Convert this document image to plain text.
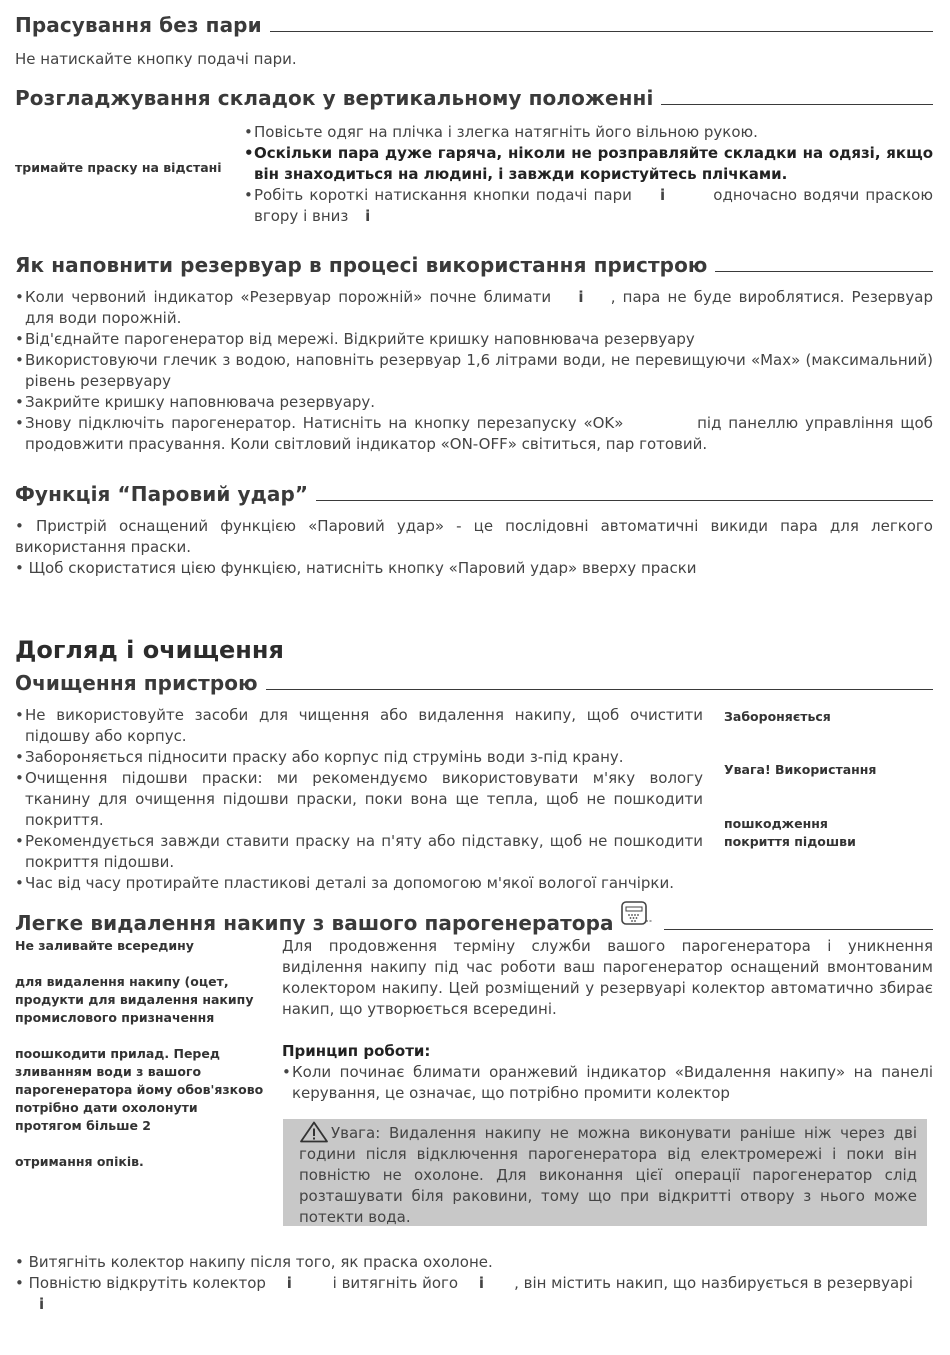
Прасування без пари
Не натискайте кнопку подачі пари.
Розгладжування складок у вертикальному положенні
тримайте праску на відстані
• Повісьте одяг на плічка і злегка натягніть його вільною рукою.
• Оскільки пара дуже гаряча, ніколи не розправляйте складки на одязі, якщо він знаходиться на людині, і завжди користуйтесь плічками.
• Робіть короткі натискання кнопки подачі пари i	одночасно водячи праскою вгору і вниз i
Як наповнити резервуар в процесі використання пристрою
• Коли червоний індикатор «Резервуар порожній» почне блимати i , пара не буде вироблятися. Резервуар для води порожній.
• Від'єднайте парогенератор від мережі. Відкрийте кришку наповнювача резервуару
• Використовуючи глечик з водою, наповніть резервуар 1,6 літрами води, не перевищуючи «Max» (максимальний) рівень резервуару
• Закрийте кришку наповнювача резервуару.
• Знову підключіть парогенератор. Натисніть на кнопку перезапуску «OK»	під панеллю управління щоб продовжити прасування. Коли світловий індикатор «ON-OFF» світиться, пар готовий.
Функція “Паровий удар”
• Пристрій оснащений функцією «Паровий удар» - це послідовні автоматичні викиди пара для легкого використання праски.
• Щоб скористатися цією функцією, натисніть кнопку «Паровий удар» вверху праски
Догляд і очищення
Очищення пристрою
• Не використовуйте засоби для чищення або видалення накипу, щоб очистити підошву або корпус.
• Забороняється підносити праску або корпус під струмінь води з-під крану.
• Очищення підошви праски: ми рекомендуємо використовувати м'яку вологу тканину для очищення підошви праски, поки вона ще тепла, щоб не пошкодити покриття.
• Рекомендується завжди ставити праску на п'яту або підставку, щоб не пошкодити покриття підошви.
• Час від часу протирайте пластикові деталі за допомогою м'якої вологої ганчірки.
Забороняється
Увага! Використання
пошкодження покриття підошви
Легке видалення накипу з вашого парогенератора
Не заливайте всередину
для видалення накипу (оцет, продукти для видалення накипу промислового призначення
поошкодити прилад. Перед зливанням води з вашого парогенератора йому обов'язково потрібно дати охолонути протягом більше 2
отримання опіків.
Для продовження терміну служби вашого парогенератора і уникнення виділення накипу під час роботи ваш парогенератор оснащений вмонтованим колектором накипу. Цей розміщений у резервуарі колектор автоматично збирає накип, що утворюється всередині.
Принцип роботи:
• Коли починає блимати оранжевий індикатор «Видалення накипу» на панелі керування, це означає, що потрібно промити колектор
Увага: Видалення накипу не можна виконувати раніше ніж через дві години після відключення парогенератора від електромережі і поки він повністю не охолоне. Для виконання цієї операції парогенератор слід розташувати біля раковини, тому що при відкритті отвору з нього може потекти вода.
• Витягніть колектор накипу після того, як праска охолоне.
• Повністю відкрутіть колектор i	і витягніть його i , він містить накип, що назбирується в резервуарі
i
